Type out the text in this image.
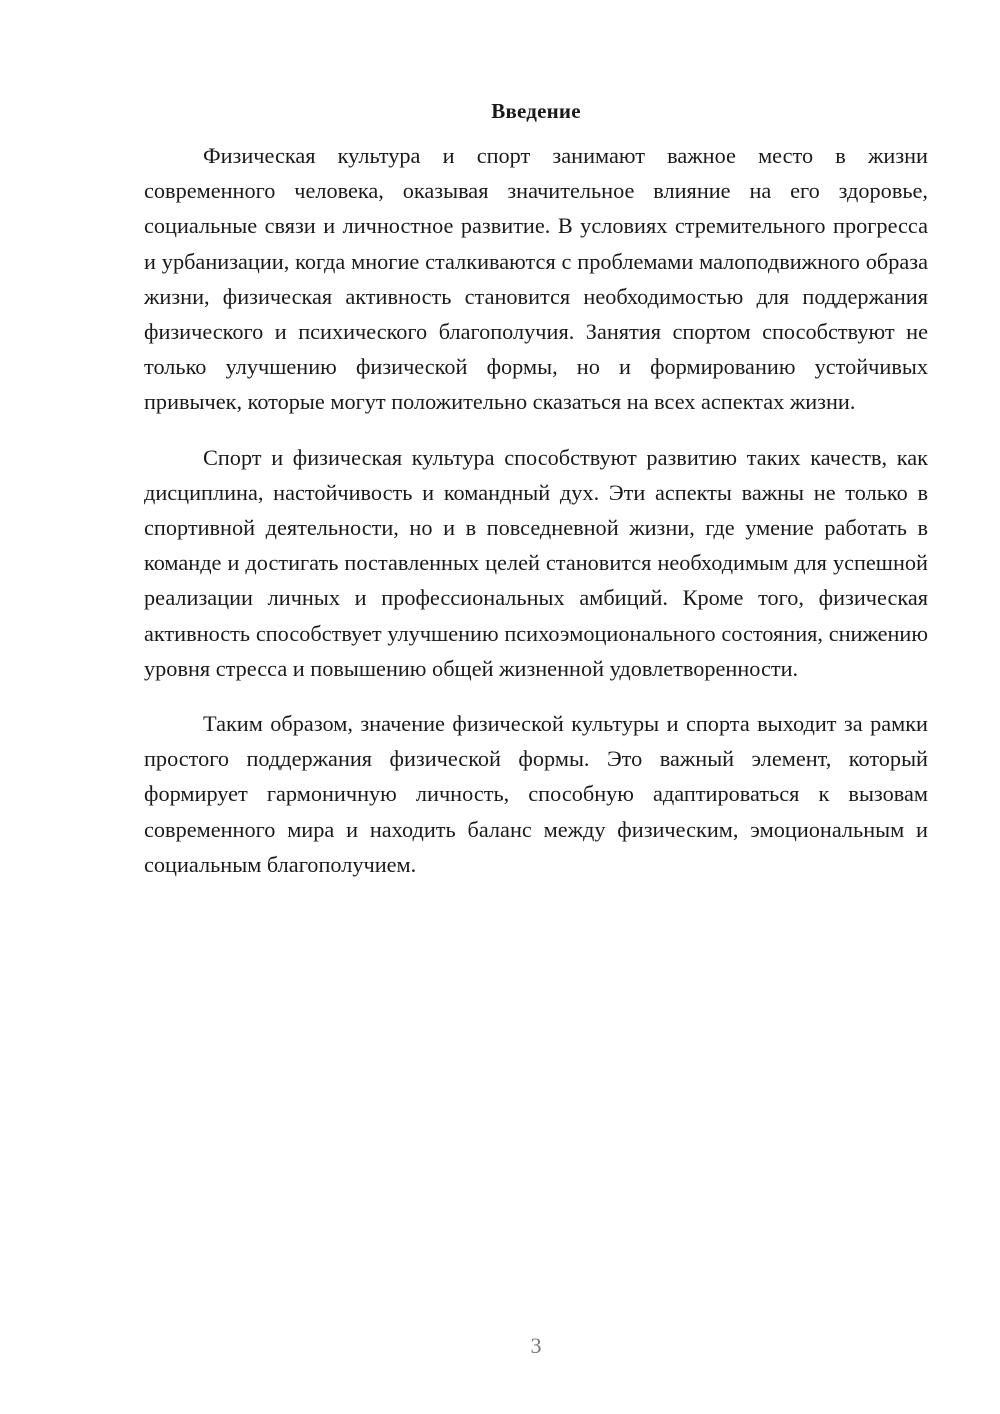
Введение

Физическая культура и спорт занимают важное место в жизни современного человека, оказывая значительное влияние на его здоровье, социальные связи и личностное развитие. В условиях стремительного прогресса и урбанизации, когда многие сталкиваются с проблемами малоподвижного образа жизни, физическая активность становится необходимостью для поддержания физического и психического благополучия. Занятия спортом способствуют не только улучшению физической формы, но и формированию устойчивых привычек, которые могут положительно сказаться на всех аспектах жизни.

Спорт и физическая культура способствуют развитию таких качеств, как дисциплина, настойчивость и командный дух. Эти аспекты важны не только в спортивной деятельности, но и в повседневной жизни, где умение работать в команде и достигать поставленных целей становится необходимым для успешной реализации личных и профессиональных амбиций. Кроме того, физическая активность способствует улучшению психоэмоционального состояния, снижению уровня стресса и повышению общей жизненной удовлетворенности.

Таким образом, значение физической культуры и спорта выходит за рамки простого поддержания физической формы. Это важный элемент, который формирует гармоничную личность, способную адаптироваться к вызовам современного мира и находить баланс между физическим, эмоциональным и социальным благополучием.

3
